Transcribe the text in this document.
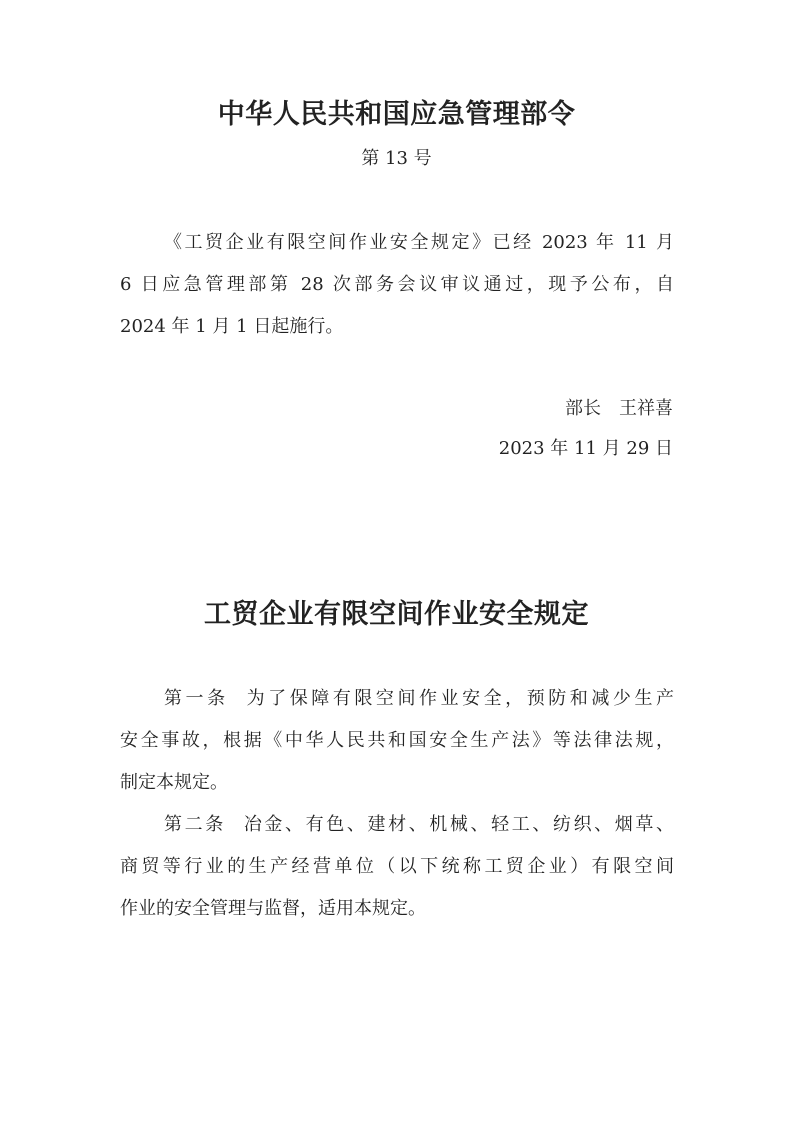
中华人民共和国应急管理部令
第 13 号
《工贸企业有限空间作业安全规定》已经 2023 年 11 月
6 日应急管理部第 28 次部务会议审议通过，现予公布，自
2024 年 1 月 1 日起施行。
部长 王祥喜
2023 年 11 月 29 日
工贸企业有限空间作业安全规定
第一条 为了保障有限空间作业安全，预防和减少生产
安全事故，根据《中华人民共和国安全生产法》等法律法规，
制定本规定。
第二条 冶金、有色、建材、机械、轻工、纺织、烟草、
商贸等行业的生产经营单位（以下统称工贸企业）有限空间
作业的安全管理与监督，适用本规定。
